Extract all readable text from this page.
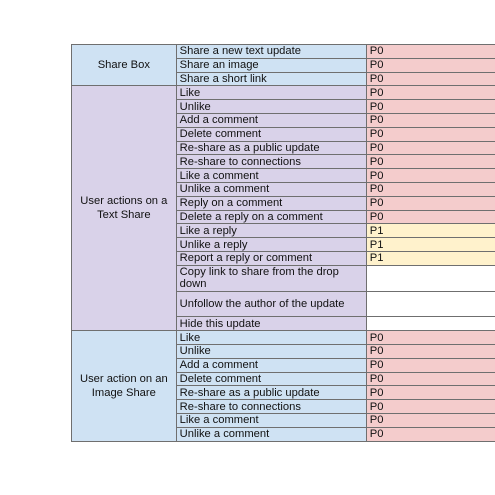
Share Box	Share a new text update	P0
	Share an image	P0
	Share a short link	P0
User actions on a Text Share	Like	P0
	Unlike	P0
	Add a comment	P0
	Delete comment	P0
	Re-share as a public update	P0
	Re-share to connections	P0
	Like a comment	P0
	Unlike a comment	P0
	Reply on a comment	P0
	Delete a reply on a comment	P0
	Like a reply	P1
	Unlike a reply	P1
	Report a reply or comment	P1
	Copy link to share from the drop down	
	Unfollow the author of the update	
	Hide this update	
User action on an Image Share	Like	P0
	Unlike	P0
	Add a comment	P0
	Delete comment	P0
	Re-share as a public update	P0
	Re-share to connections	P0
	Like a comment	P0
	Unlike a comment	P0
